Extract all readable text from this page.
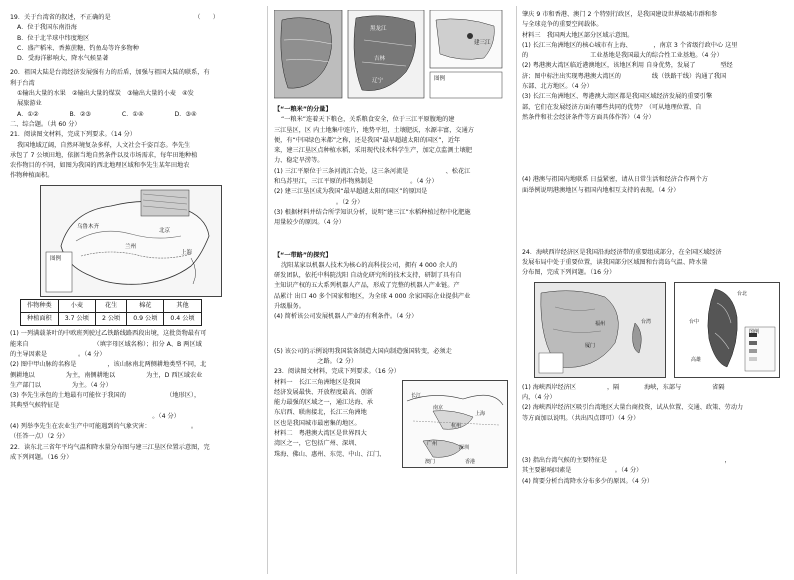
19．关于台湾省的叙述，不正确的是　　　　　　　　　　　　　　（　　）
A．位于我国东南沿海
B．位于北半球中纬度地区
C．盛产稻米、香蕉蔗糖、钓鱼岛等许多物种
D．受海洋影响大，降水气候显著
20．祖国大陆是台湾经济发展强有力的后盾，加强与祖国大陆的联系，有
利于台湾
①输出大量的水果　②输出大量的煤炭　③输出大量的小麦　④发
展旅游业
A．①②　　　　　B．②③　　　　　C．①④　　　　　D．③④
二、综合题。（共 60 分）
21．阅读图文材料，完成下列要求。（14 分）
我国地域辽阔，自然环境复杂多样，人文社会千姿百态。李先生
承包了 7 公顷田地，依据当地自然条件以及市场需求，每年田地种植
农作物目的不同，如图为我国的西北地理区域和李先生某年田地农
作物种植面积。
北京
上海
兰州
乌鲁木齐
图例
作物种类	小麦	花生	棉花	其他
种植面积	3.7 公顷	2 公顷	0.9 公顷	0.4 公顷
(1) 一列满载茶叶的中欧班列驶过乙铁路线路西段出境，这批货物最有可
能来自　　　　　　　　　　　（填字母区域名称）；扣分 A、B 两区域
的主导因素是　　　　　。（4 分）
(2) 图中甲山脉的名称是　　　　　，该山脉南北两侧耕地类型不同，北
侧耕地以　　　　　为主，南侧耕地以　　　　　为主，D 西区域农业
生产部门以　　　　　为主。（4 分）
(3) 李先生承包的土地最有可能位于我国的　　　　　　　（地形区），
其典型气候特征是　　　　　　　　　　　　　　　　　　　　　　　
　　　　　　　　　　　　　　　　　　　　　　　。（4 分）
(4) 列举李先生在农业生产中可能遇到的气象灾害：　　　　　　　。
（任答一点）（2 分）
22．读东北三省年平均气温和降水量分布图与建三江垦区位置示意图，完
成下列问题。（16 分）
黑龙江
吉林
辽宁	图例
建三江
【“一粮米”的分量】
“一粮米”连着天下粮仓，关系粮食安全，位于三江平原腹地的建
三江垦区，区 内土地集中连片，地势平坦，土壤肥沃，水源丰富，交通方
便，有“中国绿色米都”之称，还是我国“最早超越太阳的国区”，近年
来，建三江垦区点种植水稻，采用现代技术科学生产，加定点监测土壤肥
力、稳定旱涝等。
(1) 三江平原位于三条河流汇合处，这三条河流是　　　　　　、松花江
和乌苏里江，三江平原的作物熟制是　　　　　　。（4 分）
(2) 建三江垦区成为我国“最早超越太阳的国区”的原因是　　　　　　
　　　　　　　　　　。（2 分）
(3) 根据材料并结合所学知识分析，说明“建三江”水稻种植过程中化肥施
用量较少的原因。（4 分）
【“一带路”的探究】
沈阳某家以机器人技术为核心的高科技公司，拥有 4 000 余人的
研发团队，依托中科院沈阳 自动化研究所的技术支持，研制了具有自
主知识产权的五大系列机器人产品，形成了完整的机器人产业链。产
品累计 出口 40 多个国家和地区，为全球 4 000 余家国际企业提供产业
升级服务。
(4) 简析该公司发展机器人产业的有利条件。（4 分）
(5) 该公司的示例说明我国装备制造大国向制造强国转变，必须走
　　　　　　　之路。（2 分）
23．阅读图文材料，完成下列要求。（16 分）
材料一　长江三角洲地区是我国
经济发展最快、开放程度最高、创新
能力最强的区域之一，通江达海、承
东启西、联南接北，长江三角洲地
区也是我国城市最密集的地区。
材料二　粤港澳大湾区是世界四大
湾区之一，它包括广州、深圳、
珠海、佛山、惠州、东莞、中山、江门、
长江
上海
南京
杭州
广州
深圳
澳门	香港
肇庆 9 市和香港、澳门 2 个特别行政区，是我国建设世界级城市群和参
与全球竞争的重要空间载体。
材料三　我国两大地区部分区域示意图。
(1) 长江三角洲地区的核心城市有上海、　　　　，南京 3 个省级行政中心 这里
的　　　　　　　　　　工业基地是我国最大的综合性工业基地。（4 分）
(2) 粤港澳大湾区临近港澳地区，该地区利用 自身优势，发展了　　　　型经
济；图中标注出实现粤港澳大湾区的　　　　　线（铁路干线）沟通了我国
东部、北方地区。（4 分）
(3) 长江三角洲地区、粤港澳大湾区都是我国区域经济发展的重要引擎
部，它们在发展经济方面有哪些共同的优势？（可从地理位置、自
然条件和社会经济条件等方面具体作答）（4 分）
(4) 港澳与祖国内地联系 日益紧密，请从日常生活和经济合作两个方
面举例说明港澳地区与祖国内地相互支持的表现。（4 分）
24．海峡西岸经济区是我国沿海经济带的重要组成部分，在全国区域经济
发展布局中处于重要位置，读我国部分区域图和台湾岛气温、降水量
分布图，完成下列问题。（16 分）
福州	台湾
厦门
台北
台中
高雄
图例
(1) 海峡西岸经济区　　　　　，隔　　　　海峡，东部与　　　　　省隔
内，（4 分）
(2) 海峡西岸经济区吸引台湾地区大量台商投资，试从位置、交通、政策、劳动力
等方面加以说明。（共出四点即可）（4 分）
(3) 指出台湾气候的主要特征是　　　　　　　　　　　　　　　　　　　，
其主要影响因素是　　　　　　　。（4 分）
(4) 简要分析台湾降水分布多少的原因。（4 分）
